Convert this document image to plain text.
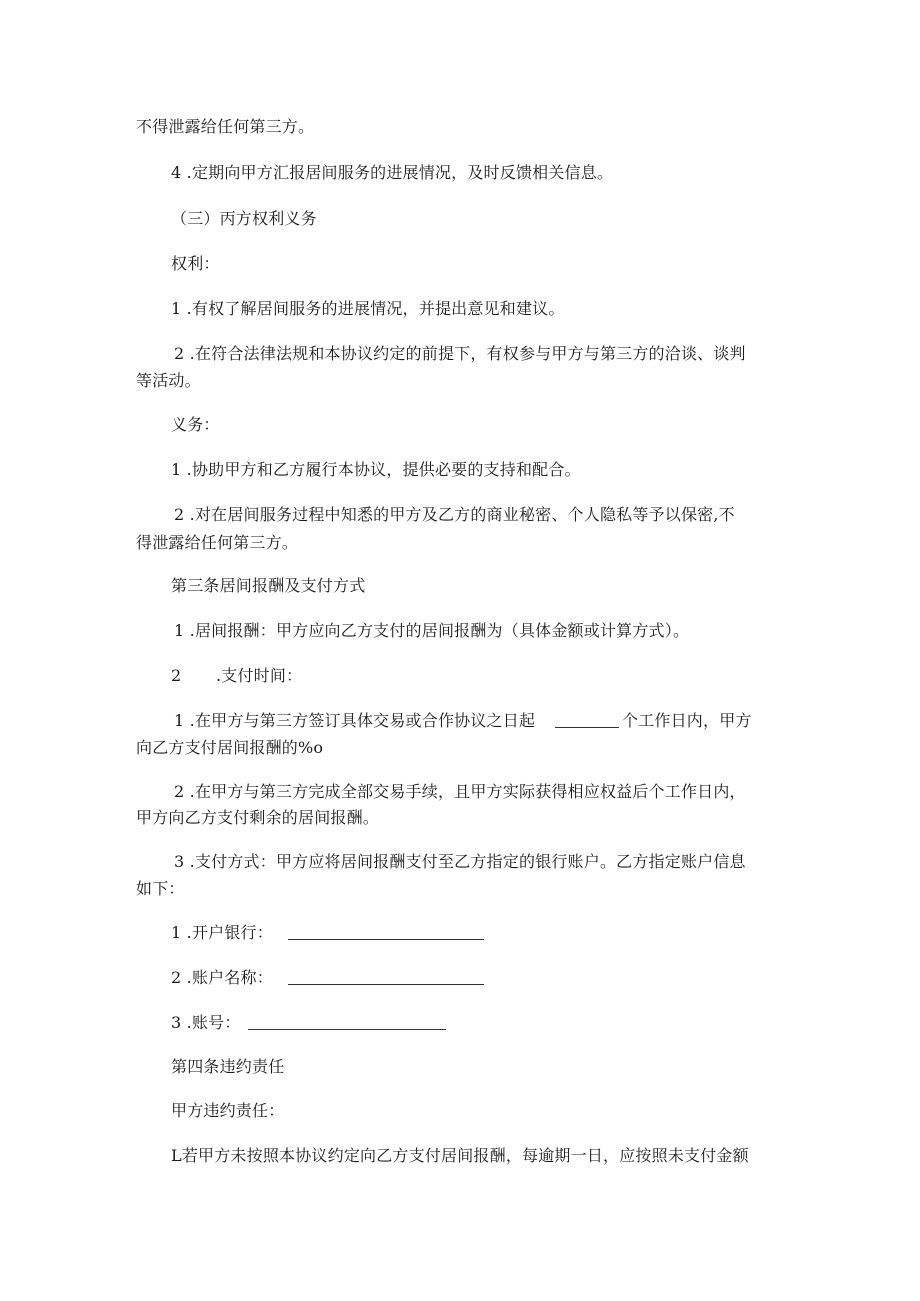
不得泄露给任何第三方。
4 .定期向甲方汇报居间服务的进展情况，及时反馈相关信息。
（三）丙方权利义务
权利：
1 .有权了解居间服务的进展情况，并提出意见和建议。
2 .在符合法律法规和本协议约定的前提下，有权参与甲方与第三方的洽谈、谈判
等活动。
义务：
1 .协助甲方和乙方履行本协议，提供必要的支持和配合。
2 .对在居间服务过程中知悉的甲方及乙方的商业秘密、个人隐私等予以保密,不
得泄露给任何第三方。
第三条居间报酬及支付方式
1 .居间报酬：甲方应向乙方支付的居间报酬为（具体金额或计算方式）。
2 .支付时间：
1 .在甲方与第三方签订具体交易或合作协议之日起	个工作日内，甲方
向乙方支付居间报酬的%o
2 .在甲方与第三方完成全部交易手续，且甲方实际获得相应权益后个工作日内，
甲方向乙方支付剩余的居间报酬。
3 .支付方式：甲方应将居间报酬支付至乙方指定的银行账户。乙方指定账户信息
如下：
1 .开户银行：
2 .账户名称：
3 .账号：
第四条违约责任
甲方违约责任：
L若甲方未按照本协议约定向乙方支付居间报酬，每逾期一日，应按照未支付金额
